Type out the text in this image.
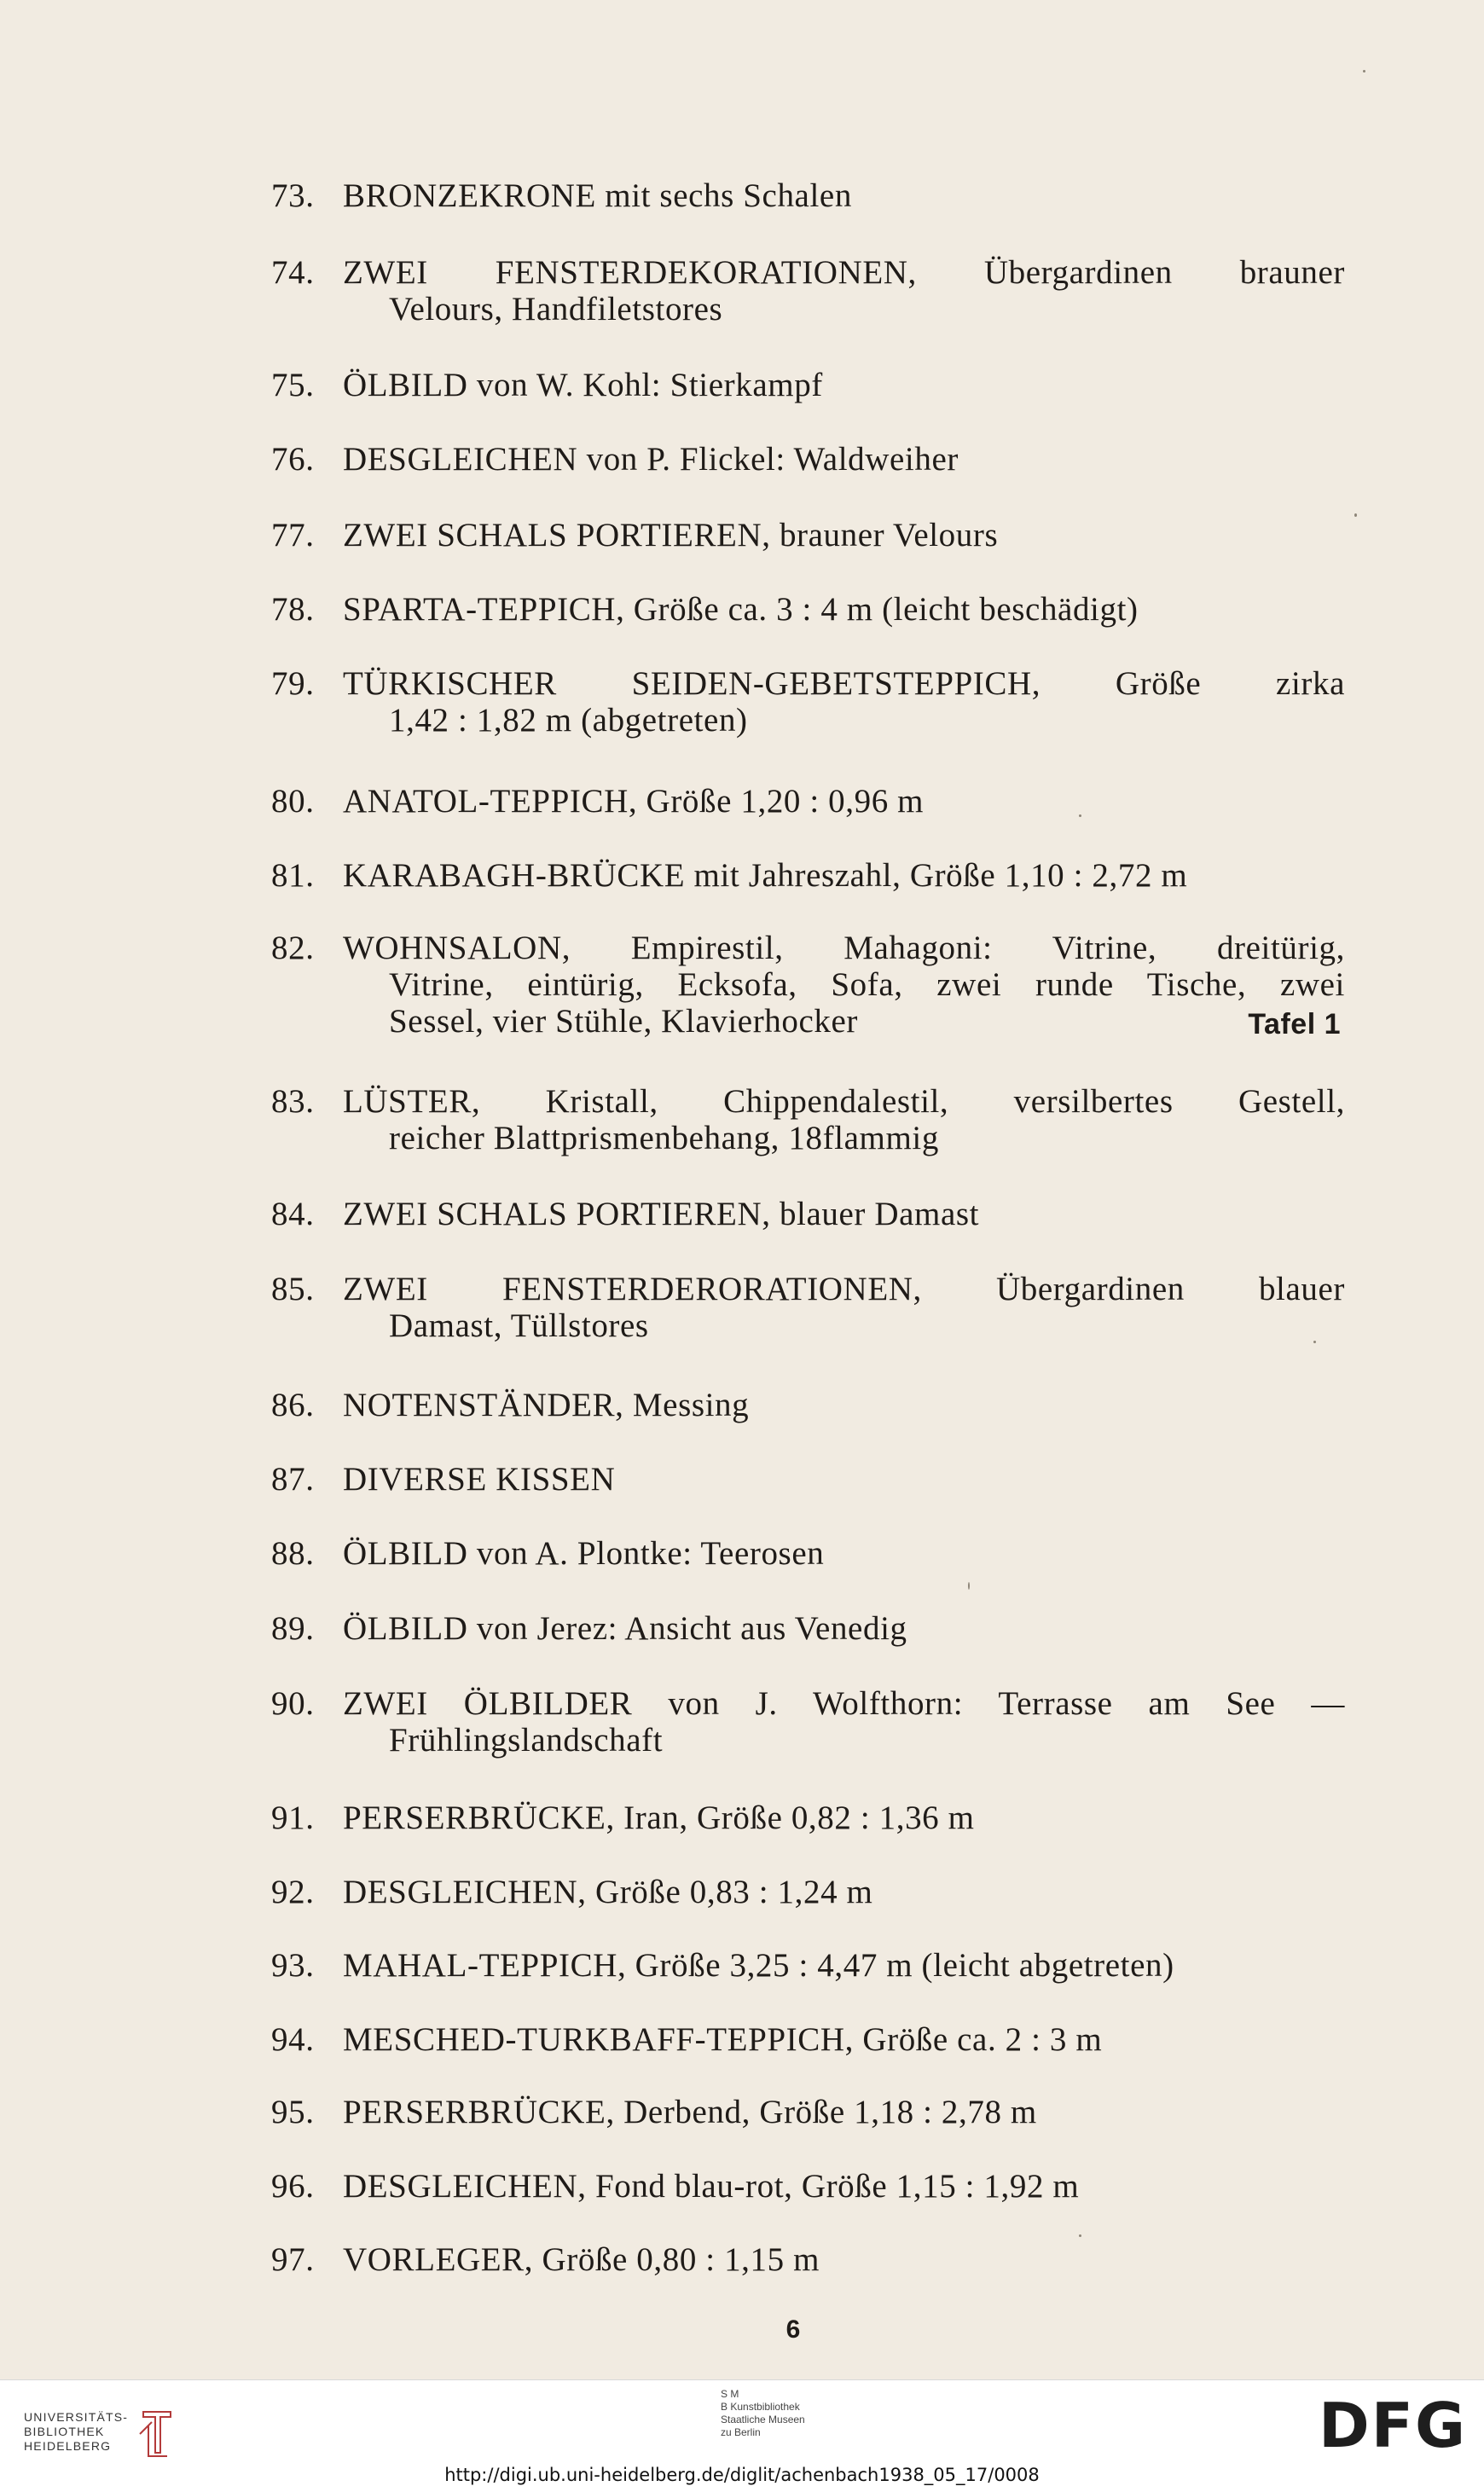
73. BRONZEKRONE mit sechs Schalen
74. ZWEI FENSTERDEKORATIONEN, Übergardinen brauner
Velours, Handfiletstores
75. ÖLBILD von W. Kohl: Stierkampf
76. DESGLEICHEN von P. Flickel: Waldweiher
77. ZWEI SCHALS PORTIEREN, brauner Velours
78. SPARTA-TEPPICH, Größe ca. 3 : 4 m (leicht beschädigt)
79. TÜRKISCHER SEIDEN-GEBETSTEPPICH, Größe zirka
1,42 : 1,82 m (abgetreten)
80. ANATOL-TEPPICH, Größe 1,20 : 0,96 m
81. KARABAGH-BRÜCKE mit Jahreszahl, Größe 1,10 : 2,72 m
82. WOHNSALON, Empirestil, Mahagoni: Vitrine, dreitürig,
Vitrine, eintürig, Ecksofa, Sofa, zwei runde Tische, zwei
Sessel, vier Stühle, Klavierhocker	Tafel 1
83. LÜSTER, Kristall, Chippendalestil, versilbertes Gestell,
reicher Blattprismenbehang, 18flammig
84. ZWEI SCHALS PORTIEREN, blauer Damast
85. ZWEI FENSTERDERORATIONEN, Übergardinen blauer
Damast, Tüllstores
86. NOTENSTÄNDER, Messing
87. DIVERSE KISSEN
88. ÖLBILD von A. Plontke: Teerosen
89. ÖLBILD von Jerez: Ansicht aus Venedig
90. ZWEI ÖLBILDER von J. Wolfthorn: Terrasse am See —
Frühlingslandschaft
91. PERSERBRÜCKE, Iran, Größe 0,82 : 1,36 m
92. DESGLEICHEN, Größe 0,83 : 1,24 m
93. MAHAL-TEPPICH, Größe 3,25 : 4,47 m (leicht abgetreten)
94. MESCHED-TURKBAFF-TEPPICH, Größe ca. 2 : 3 m
95. PERSERBRÜCKE, Derbend, Größe 1,18 : 2,78 m
96. DESGLEICHEN, Fond blau-rot, Größe 1,15 : 1,92 m
97. VORLEGER, Größe 0,80 : 1,15 m
6
UNIVERSITÄTS-
BIBLIOTHEK
HEIDELBERG
S M
B Kunstbibliothek
Staatliche Museen
zu Berlin	DFG
http://digi.ub.uni-heidelberg.de/diglit/achenbach1938_05_17/0008
